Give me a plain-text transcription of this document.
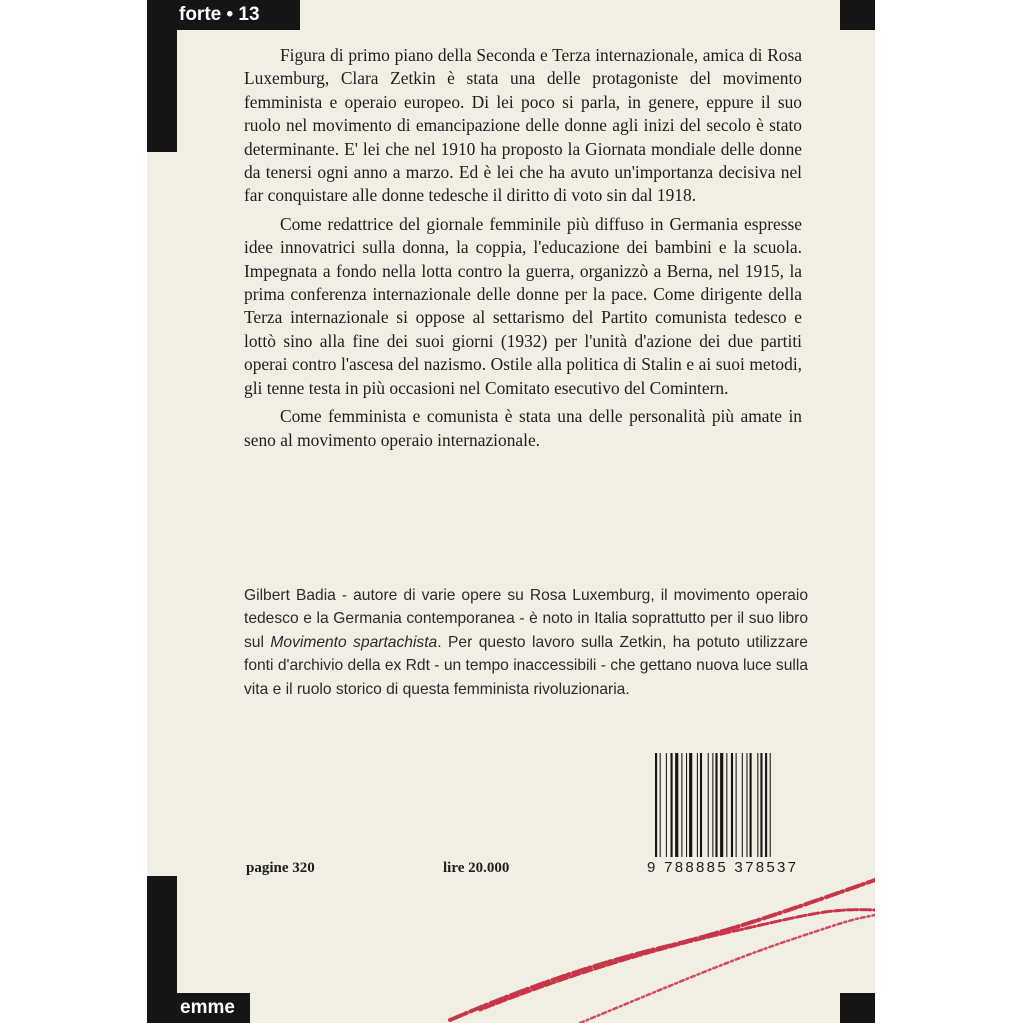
il pensiero
forte • 13

Figura di primo piano della Seconda e Terza internazionale, amica di Rosa Luxemburg, Clara Zetkin è stata una delle protagoniste del movimento femminista e operaio europeo. Di lei poco si parla, in genere, eppure il suo ruolo nel movimento di emancipazione delle donne agli inizi del secolo è stato determinante. E' lei che nel 1910 ha proposto la Giornata mondiale delle donne da tenersi ogni anno a marzo. Ed è lei che ha avuto un'importanza decisiva nel far conquistare alle donne tedesche il diritto di voto sin dal 1918.

Come redattrice del giornale femminile più diffuso in Germania espresse idee innovatrici sulla donna, la coppia, l'educazione dei bambini e la scuola. Impegnata a fondo nella lotta contro la guerra, organizzò a Berna, nel 1915, la prima conferenza internazionale delle donne per la pace. Come dirigente della Terza internazionale si oppose al settarismo del Partito comunista tedesco e lottò sino alla fine dei suoi giorni (1932) per l'unità d'azione dei due partiti operai contro l'ascesa del nazismo. Ostile alla politica di Stalin e ai suoi metodi, gli tenne testa in più occasioni nel Comitato esecutivo del Comintern.

Come femminista e comunista è stata una delle personalità più amate in seno al movimento operaio internazionale.

Gilbert Badia - autore di varie opere su Rosa Luxemburg, il movimento operaio tedesco e la Germania contemporanea - è noto in Italia soprattutto per il suo libro sul Movimento spartachista. Per questo lavoro sulla Zetkin, ha potuto utilizzare fonti d'archivio della ex Rdt - un tempo inaccessibili - che gettano nuova luce sulla vita e il ruolo storico di questa femminista rivoluzionaria.
9 788885 378537
pagine 320	lire 20.000
erre
emme
